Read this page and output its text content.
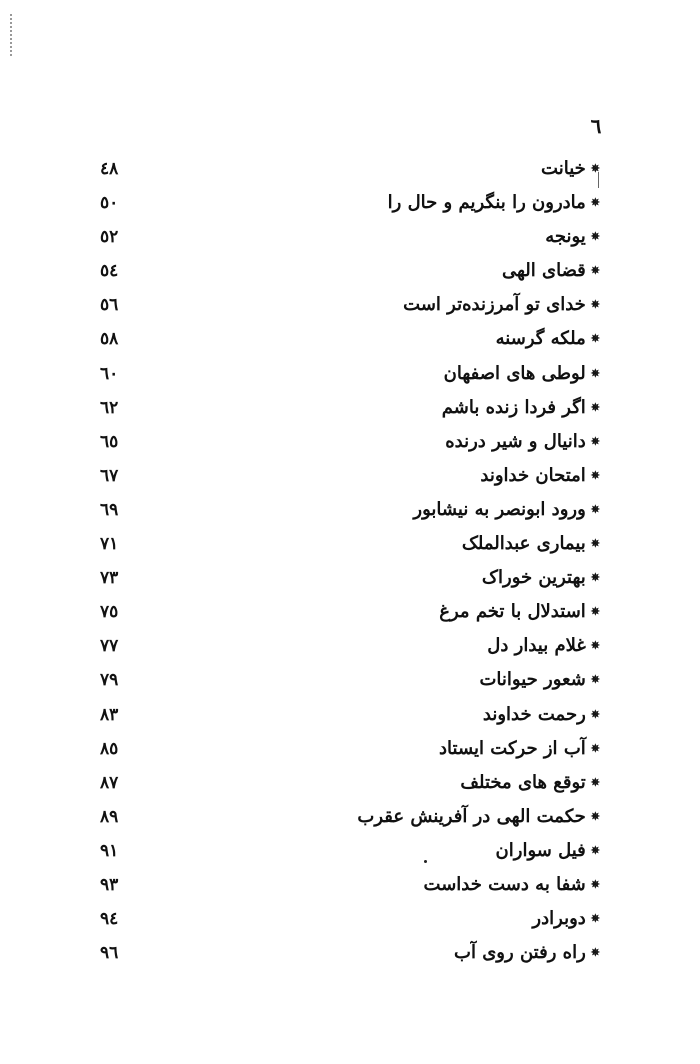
٦
✵خیانت
٤٨
✵مادرون را بنگریم و حال را
٥٠
✵یونجه
٥٢
✵قضای الهی
٥٤
✵خدای تو آمرزنده‌تر است
٥٦
✵ملکه گرسنه
٥٨
✵لوطی های اصفهان
٦٠
✵اگر فردا زنده باشم
٦٢
✵دانیال و شیر درنده
٦٥
✵امتحان خداوند
٦٧
✵ورود ابونصر به نیشابور
٦٩
✵بیماری عبدالملک
٧١
✵بهترین خوراک
٧٣
✵استدلال با تخم مرغ
٧٥
✵غلام بیدار دل
٧٧
✵شعور حیوانات
٧٩
✵رحمت خداوند
٨٣
✵آب از حرکت ایستاد
٨٥
✵توقع های مختلف
٨٧
✵حکمت الهی در آفرینش عقرب
٨٩
✵فیل سواران
٩١
✵شفا به دست خداست
٩٣
✵دوبرادر
٩٤
✵راه رفتن روی آب
٩٦
